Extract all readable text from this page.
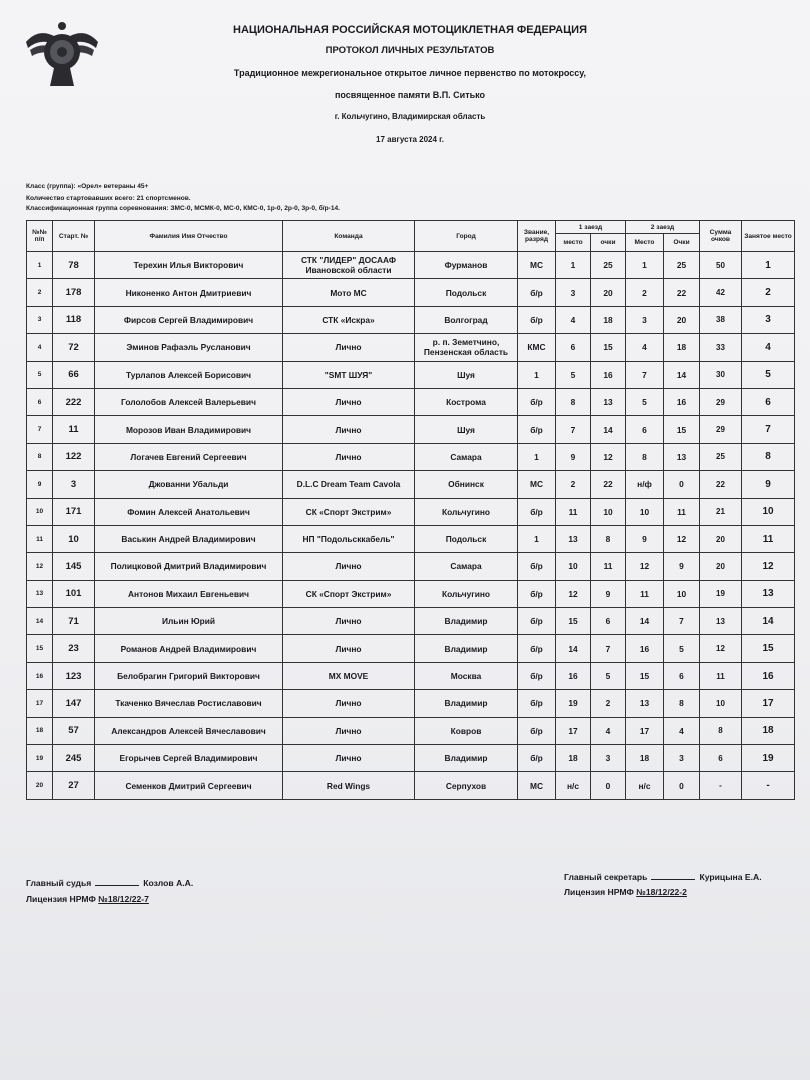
НАЦИОНАЛЬНАЯ РОССИЙСКАЯ МОТОЦИКЛЕТНАЯ ФЕДЕРАЦИЯ
ПРОТОКОЛ ЛИЧНЫХ РЕЗУЛЬТАТОВ
Традиционное межрегиональное открытое личное первенство по мотокроссу,
посвященное памяти В.П. Ситько
г. Кольчугино, Владимирская область
17 августа 2024 г.
Класс (группа): «Орел» ветераны 45+
Количество стартовавших всего: 21 спортсменов.
Классификационная группа соревнования: ЗМС-0, МСМК-0, МС-0, КМС-0, 1р-0, 2р-0, 3р-0, б/р-14.
№№ п/п	Старт. №	Фамилия Имя Отчество	Команда	Город	Звание, разряд	1 заезд		2 заезд		Сумма очков	Занятое место
						место	очки	Место	Очки		
1	78	Терехин Илья Викторович	СТК "ЛИДЕР" ДОСААФ Ивановской области	Фурманов	МС	1	25	1	25	50	1
2	178	Никоненко Антон Дмитриевич	Мото МС	Подольск	б/р	3	20	2	22	42	2
3	118	Фирсов Сергей Владимирович	СТК «Искра»	Волгоград	б/р	4	18	3	20	38	3
4	72	Эминов Рафаэль Русланович	Лично	р. п. Земетчино, Пензенская область	КМС	6	15	4	18	33	4
5	66	Турлапов Алексей Борисович	"SMT ШУЯ"	Шуя	1	5	16	7	14	30	5
6	222	Гололобов Алексей Валерьевич	Лично	Кострома	б/р	8	13	5	16	29	6
7	11	Морозов Иван Владимирович	Лично	Шуя	б/р	7	14	6	15	29	7
8	122	Логачев Евгений Сергеевич	Лично	Самара	1	9	12	8	13	25	8
9	3	Джованни Убальди	D.L.C Dream Team Cavola	Обнинск	МС	2	22	н/ф	0	22	9
10	171	Фомин Алексей Анатольевич	СК «Спорт Экстрим»	Кольчугино	б/р	11	10	10	11	21	10
11	10	Васькин Андрей Владимирович	НП "Подольсккабель"	Подольск	1	13	8	9	12	20	11
12	145	Полицковой Дмитрий Владимирович	Лично	Самара	б/р	10	11	12	9	20	12
13	101	Антонов Михаил Евгеньевич	СК «Спорт Экстрим»	Кольчугино	б/р	12	9	11	10	19	13
14	71	Ильин Юрий	Лично	Владимир	б/р	15	6	14	7	13	14
15	23	Романов Андрей Владимирович	Лично	Владимир	б/р	14	7	16	5	12	15
16	123	Белобрагин Григорий Викторович	MX MOVE	Москва	б/р	16	5	15	6	11	16
17	147	Ткаченко Вячеслав Ростиславович	Лично	Владимир	б/р	19	2	13	8	10	17
18	57	Александров Алексей Вячеславович	Лично	Ковров	б/р	17	4	17	4	8	18
19	245	Егорычев Сергей Владимирович	Лично	Владимир	б/р	18	3	18	3	6	19
20	27	Семенков Дмитрий Сергеевич	Red Wings	Серпухов	МС	н/с	0	н/с	0	-	-
Главный судья	Козлов А.А.
Лицензия НРМФ №18/12/22-7
Главный секретарь	Курицына Е.А.
Лицензия НРМФ №18/12/22-2
